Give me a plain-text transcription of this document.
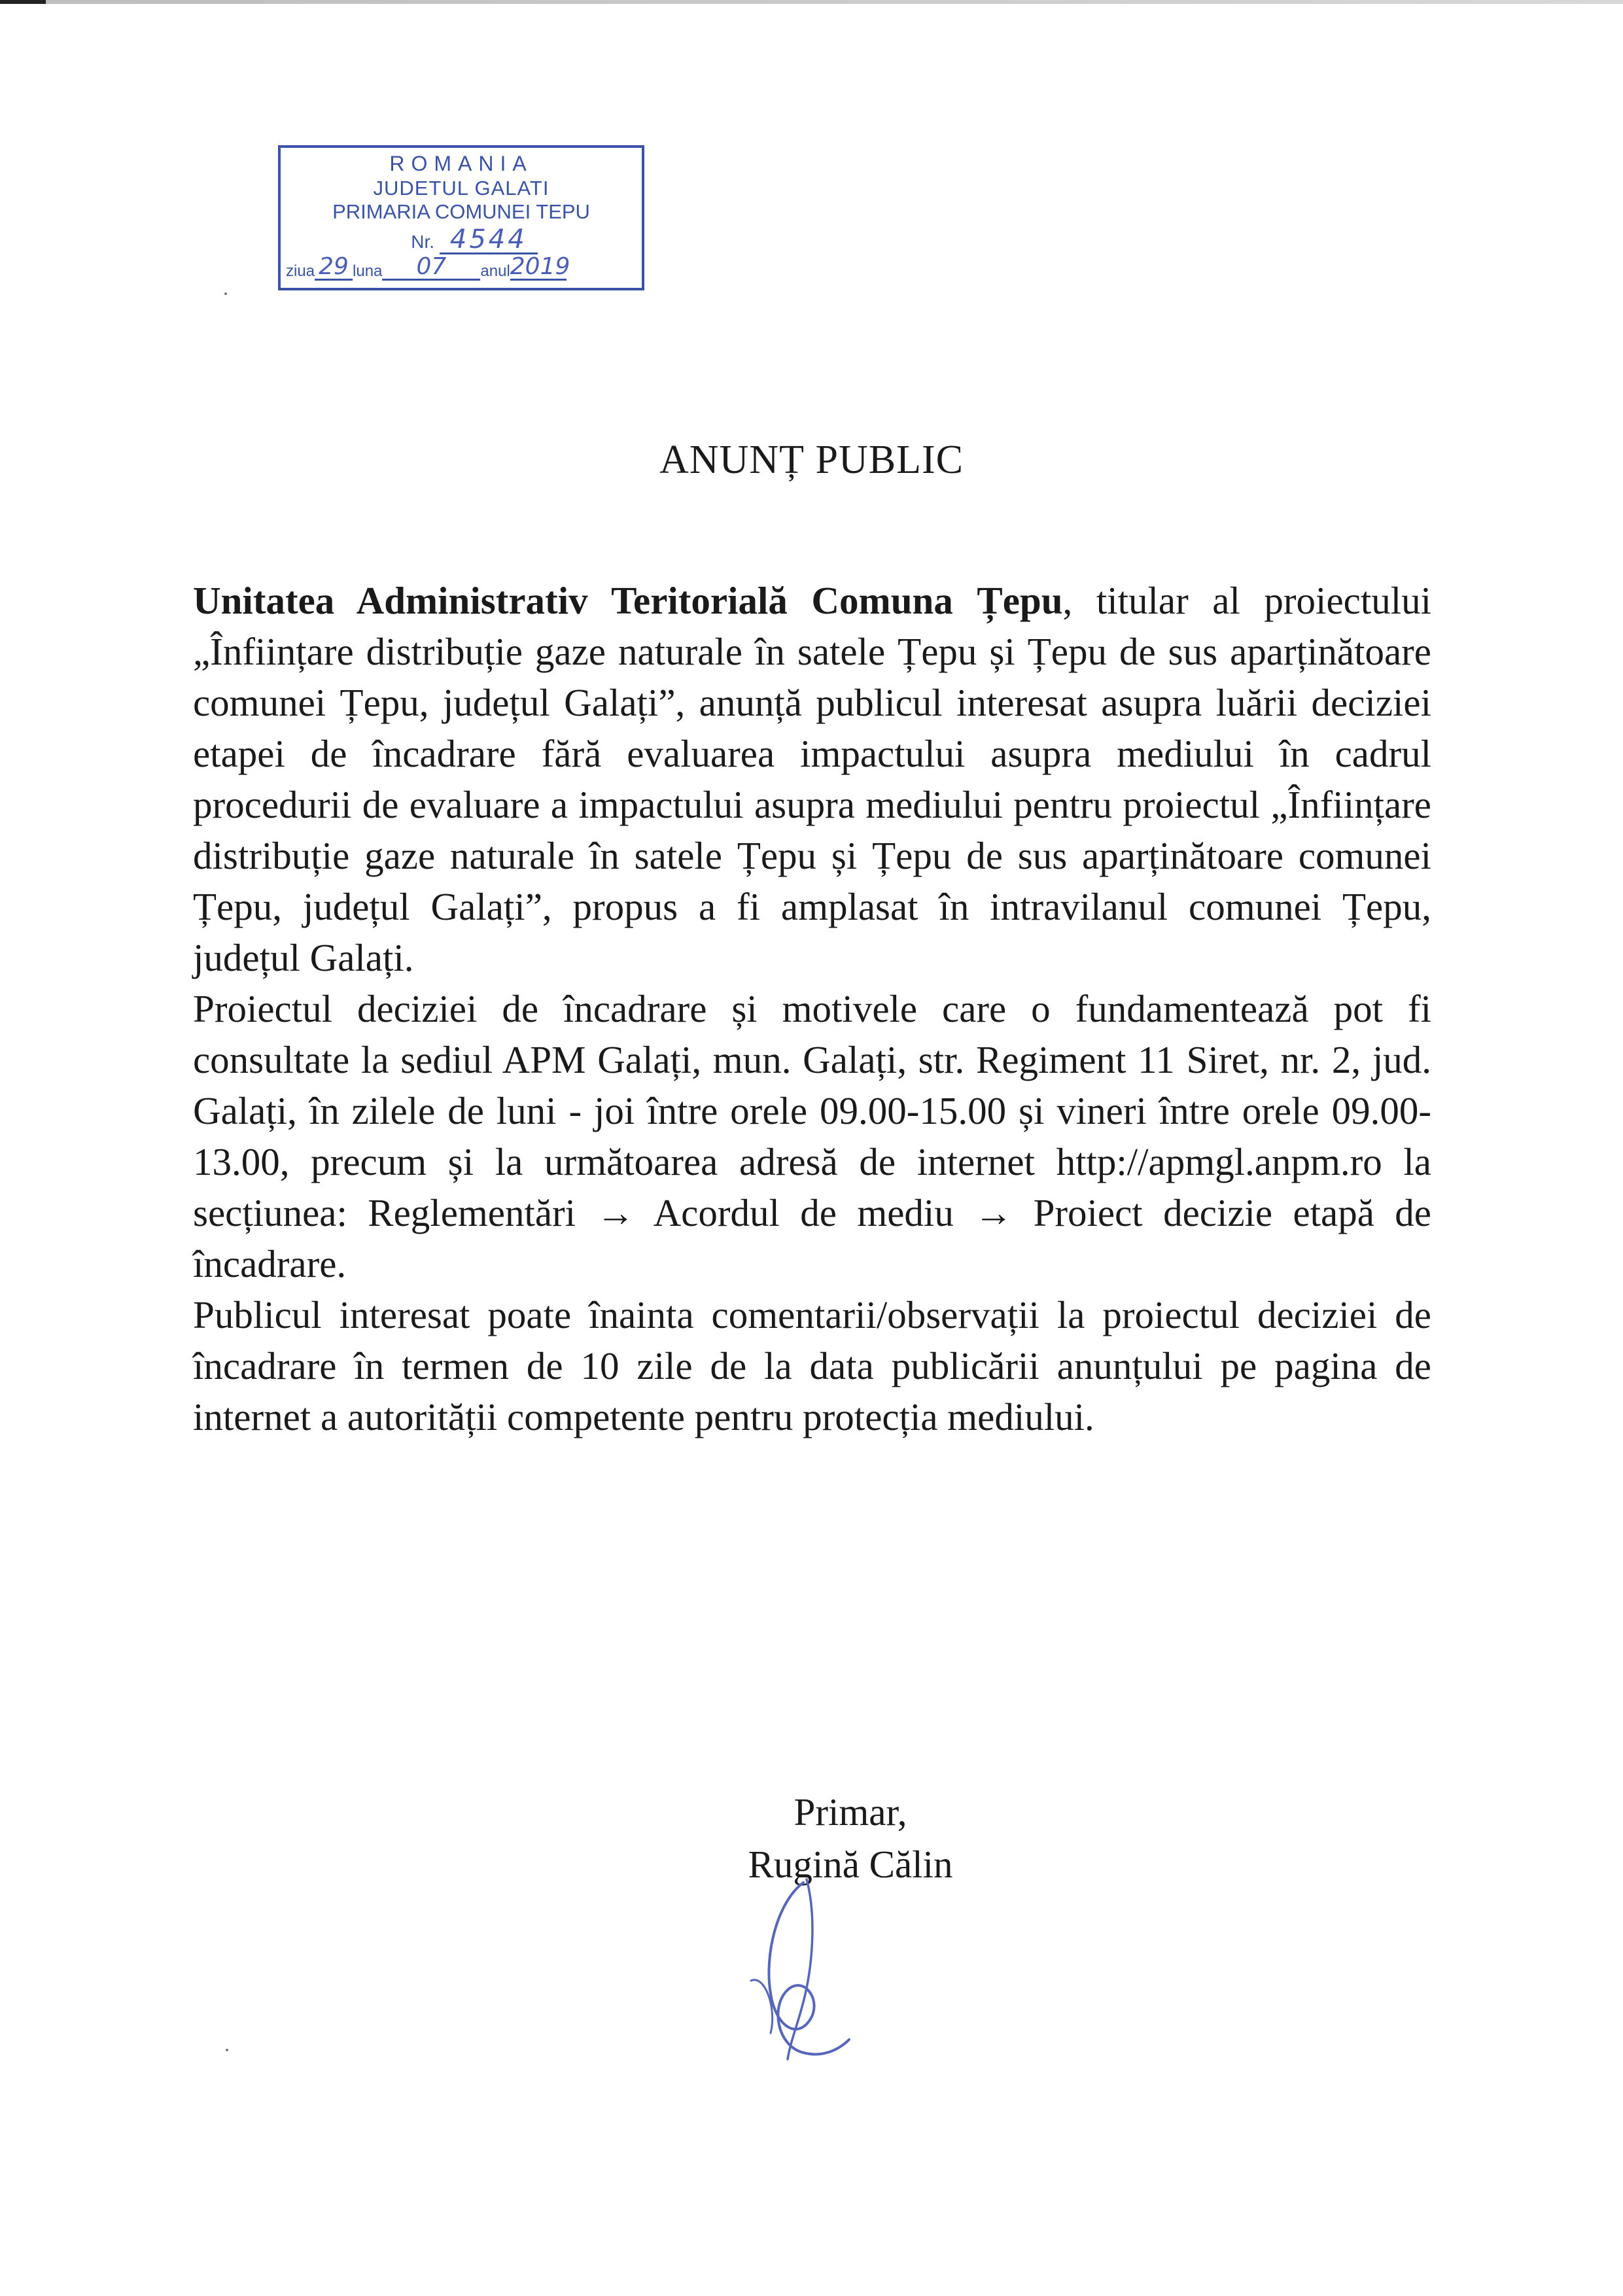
ROMANIA
JUDETUL GALATI
PRIMARIA COMUNEI TEPU
Nr. 4544
ziua 29 luna 07 anul2019
ANUNȚ PUBLIC

Unitatea Administrativ Teritorială Comuna Țepu, titular al proiectului „Înființare distribuție gaze naturale în satele Țepu și Țepu de sus aparținătoare comunei Țepu, județul Galați”, anunță publicul interesat asupra luării deciziei etapei de încadrare fără evaluarea impactului asupra mediului în cadrul procedurii de evaluare a impactului asupra mediului pentru proiectul „Înființare distribuție gaze naturale în satele Țepu și Țepu de sus aparținătoare comunei Țepu, județul Galați”, propus a fi amplasat în intravilanul comunei Țepu, județul Galați.

Proiectul deciziei de încadrare și motivele care o fundamentează pot fi consultate la sediul APM Galați, mun. Galați, str. Regiment 11 Siret, nr. 2, jud. Galați, în zilele de luni - joi între orele 09.00-15.00 și vineri între orele 09.00-13.00, precum și la următoarea adresă de internet http://apmgl.anpm.ro la secțiunea: Reglementări → Acordul de mediu → Proiect decizie etapă de încadrare.

Publicul interesat poate înainta comentarii/observații la proiectul deciziei de încadrare în termen de 10 zile de la data publicării anunțului pe pagina de internet a autorității competente pentru protecția mediului.

Primar,
Rugină Călin
